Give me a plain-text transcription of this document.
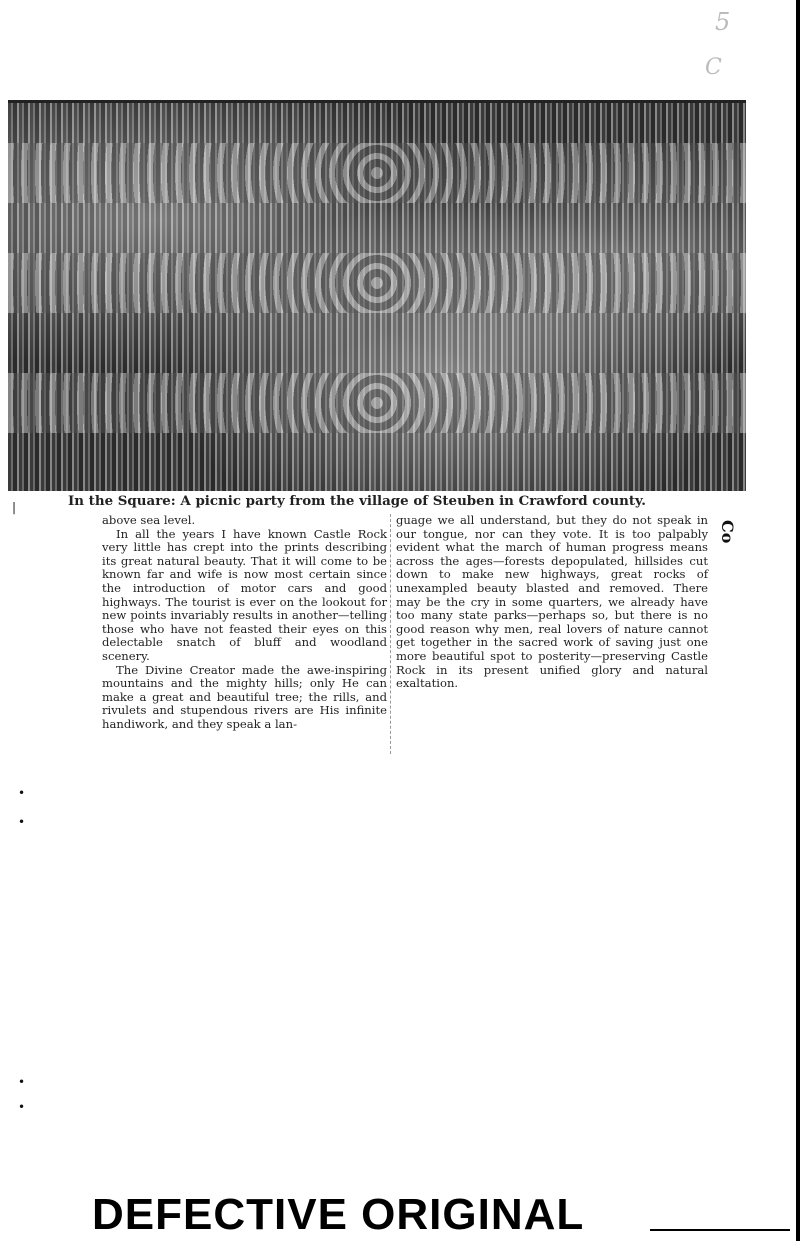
5
C
In the Square: A picnic party from the village of Steuben in Crawford county.

above sea level.

In all the years I have known Castle Rock very little has crept into the prints describing its great natural beauty. That it will come to be known far and wife is now most certain since the introduction of motor cars and good highways. The tourist is ever on the lookout for new points invariably results in another—telling those who have not feasted their eyes on this delectable snatch of bluff and woodland scenery.

The Divine Creator made the awe-inspiring mountains and the mighty hills; only He can make a great and beautiful tree; the rills, and rivulets and stupendous rivers are His infinite handiwork, and they speak a lan-

guage we all understand, but they do not speak in our tongue, nor can they vote. It is too palpably evident what the march of human progress means across the ages—forests depopulated, hillsides cut down to make new highways, great rocks of unexampled beauty blasted and removed. There may be the cry in some quarters, we already have too many state parks—perhaps so, but there is no good reason why men, real lovers of nature cannot get together in the sacred work of saving just one more beautiful spot to posterity—preserving Castle Rock in its present unified glory and natural exaltation.

Co
|
•
•
•
•
DEFECTIVE ORIGINAL
